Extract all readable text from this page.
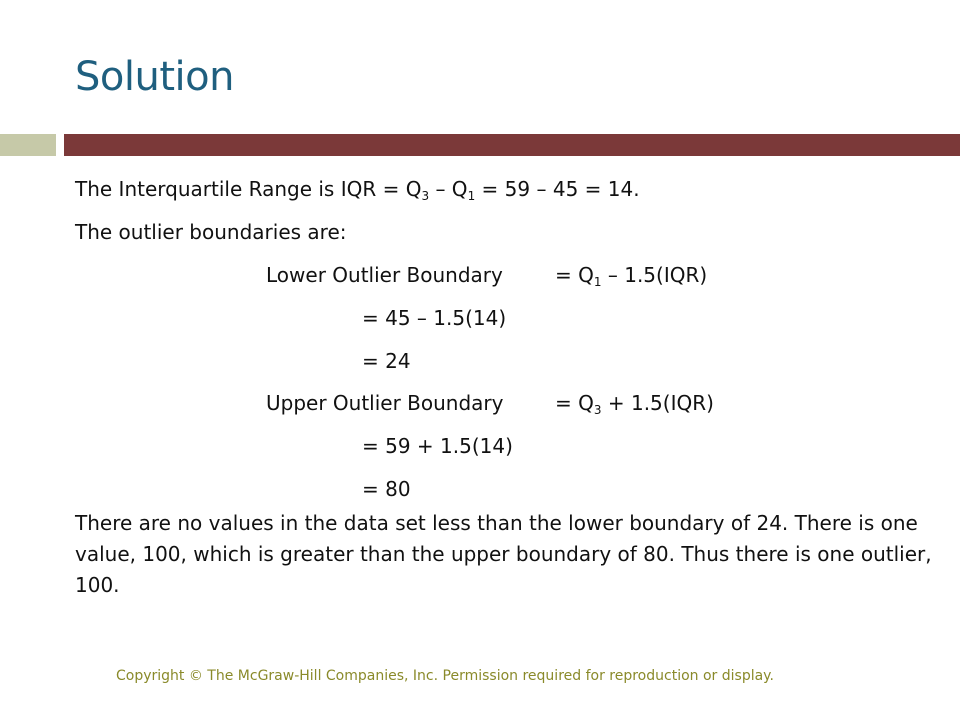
Solution
The Interquartile Range is IQR = $Q_3 - Q_1 = 59 - 45 = 14$.
The outlier boundaries are:
Lower Outlier Boundary	= $Q_1 - 1.5(IQR)$
= 45 – 1.5(14)
= 24
Upper Outlier Boundary	= $Q_3 + 1.5(IQR)$
= 59 + 1.5(14)
= 80

There are no values in the data set less than the lower boundary of 24. There is one value, 100, which is greater than the upper boundary of 80. Thus there is one outlier, 100.

Copyright © The McGraw-Hill Companies, Inc. Permission required for reproduction or display.
